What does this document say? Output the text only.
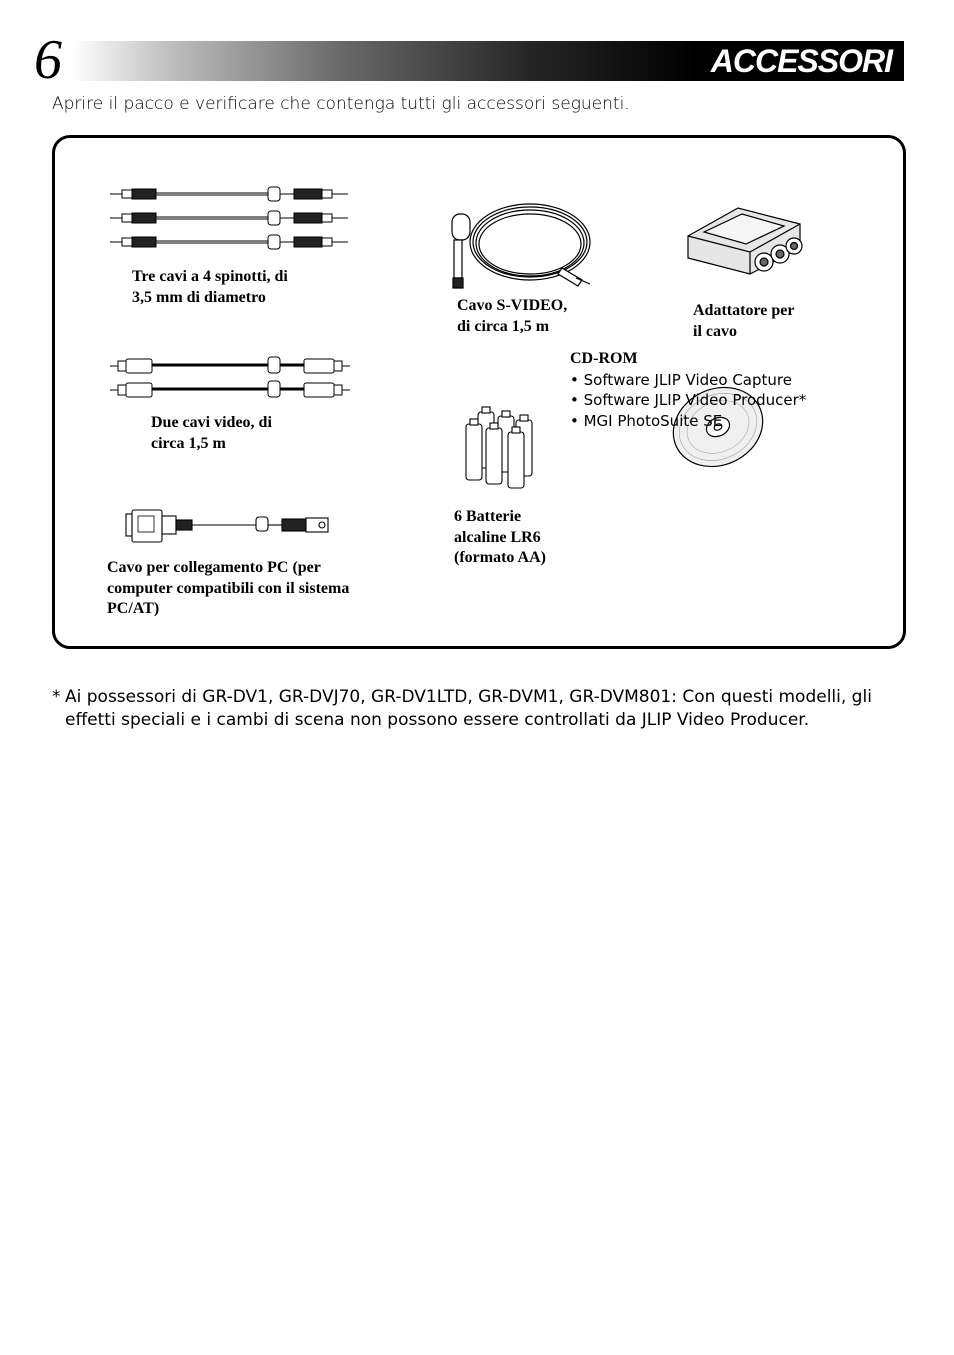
6	ACCESSORI
Aprire il pacco e verificare che contenga tutti gli accessori seguenti.
Tre cavi a 4 spinotti, di
3,5 mm di diametro	Cavo S-VIDEO,
di circa 1,5 m
Adattatore per
il cavo
Due cavi video, di
circa 1,5 m
6 Batterie
alcaline LR6
(formato AA)
CD-ROM
• Software JLIP Video Capture
• Software JLIP Video Producer*
• MGI PhotoSuite SE
Cavo per collegamento PC (per
computer compatibili con il sistema
PC/AT)
* Ai possessori di GR-DV1, GR-DVJ70, GR-DV1LTD, GR-DVM1, GR-DVM801: Con questi modelli, gli effetti speciali e i cambi di scena non possono essere controllati da JLIP Video Producer.
